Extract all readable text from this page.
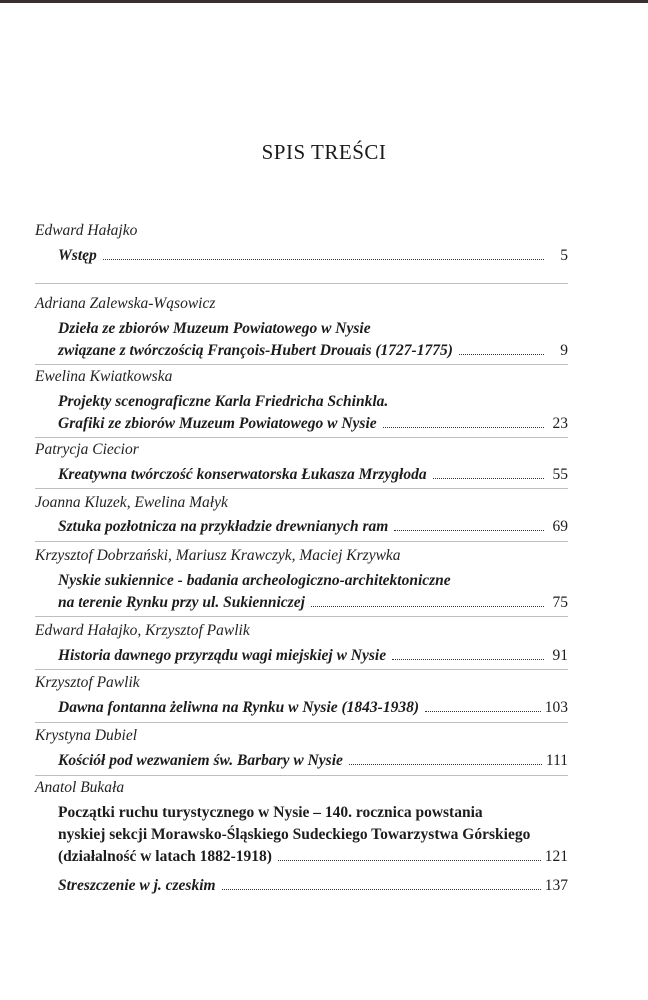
SPIS TREŚCI
Edward Hałajko
Wstęp	5
Adriana Zalewska-Wąsowicz
Dzieła ze zbiorów Muzeum Powiatowego w Nysie
związane z twórczością François-Hubert Drouais (1727-1775)	9
Ewelina Kwiatkowska
Projekty scenograficzne Karla Friedricha Schinkla.
Grafiki ze zbiorów Muzeum Powiatowego w Nysie	23
Patrycja Ciecior
Kreatywna twórczość konserwatorska Łukasza Mrzygłoda	55
Joanna Kluzek, Ewelina Małyk
Sztuka pozłotnicza na przykładzie drewnianych ram	69
Krzysztof Dobrzański, Mariusz Krawczyk, Maciej Krzywka
Nyskie sukiennice - badania archeologiczno-architektoniczne
na terenie Rynku przy ul. Sukienniczej	75
Edward Hałajko, Krzysztof Pawlik
Historia dawnego przyrządu wagi miejskiej w Nysie	91
Krzysztof Pawlik
Dawna fontanna żeliwna na Rynku w Nysie (1843-1938)	103
Krystyna Dubiel
Kościół pod wezwaniem św. Barbary w Nysie	111
Anatol Bukała
Początki ruchu turystycznego w Nysie – 140. rocznica powstania
nyskiej sekcji Morawsko-Śląskiego Sudeckiego Towarzystwa Górskiego
(działalność w latach 1882-1918)	121
Streszczenie w j. czeskim	137
